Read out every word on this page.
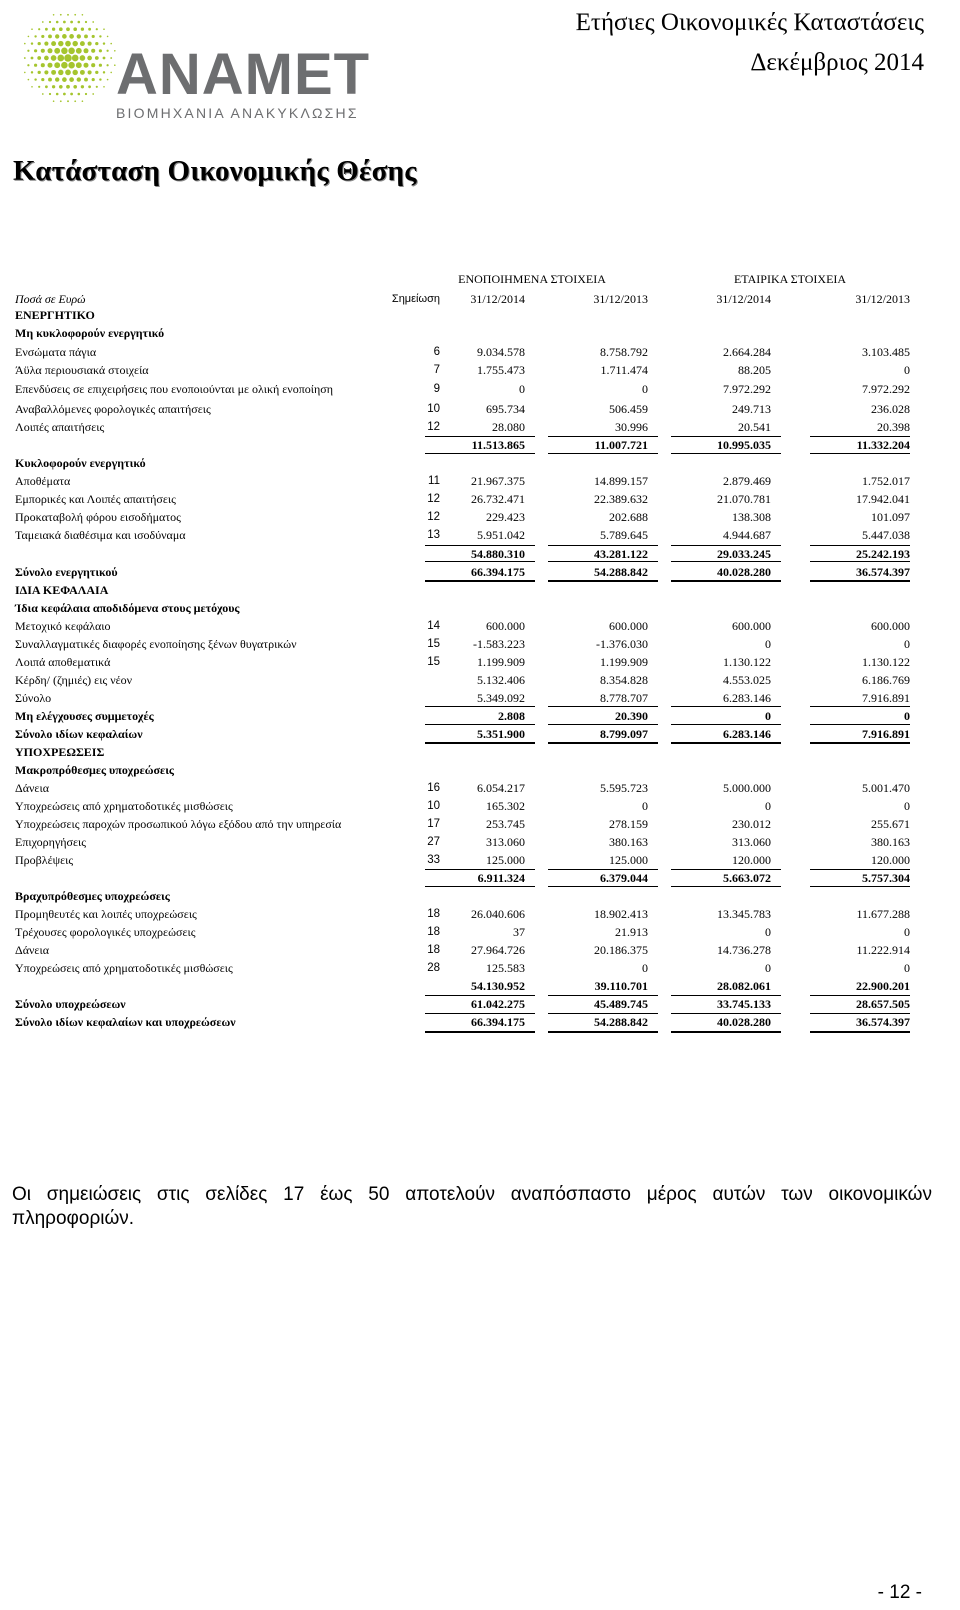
ANAMET
ΒΙΟΜΗΧΑΝΙΑ ΑΝΑΚΥΚΛΩΣΗΣ
Ετήσιες Οικονομικές Καταστάσεις
Δεκέμβριος 2014
Κατάσταση Οικονομικής Θέσης
ΕΝΟΠΟΙΗΜΕΝΑ ΣΤΟΙΧΕΙΑ	ΕΤΑΙΡΙΚΑ ΣΤΟΙΧΕΙΑ
Ποσά σε Ευρώ	Σημείωση	31/12/2014	31/12/2013	31/12/2014	31/12/2013
ΕΝΕΡΓΗΤΙΚΟ
Μη κυκλοφορούν ενεργητικό
Ενσώματα πάγια	6	9.034.578	8.758.792	2.664.284	3.103.485
Άϋλα περιουσιακά στοιχεία	7	1.755.473	1.711.474	88.205	0
Επενδύσεις σε επιχειρήσεις που ενοποιούνται με ολική ενοποίηση	9	0	0	7.972.292	7.972.292
Αναβαλλόμενες φορολογικές απαιτήσεις	10	695.734	506.459	249.713	236.028
Λοιπές απαιτήσεις	12	28.080	30.996	20.541	20.398
11.513.865	11.007.721	10.995.035	11.332.204
Κυκλοφορούν ενεργητικό
Αποθέματα	11	21.967.375	14.899.157	2.879.469	1.752.017
Εμπορικές και Λοιπές απαιτήσεις	12	26.732.471	22.389.632	21.070.781	17.942.041
Προκαταβολή φόρου εισοδήματος	12	229.423	202.688	138.308	101.097
Ταμειακά διαθέσιμα και ισοδύναμα	13	5.951.042	5.789.645	4.944.687	5.447.038
54.880.310	43.281.122	29.033.245	25.242.193
Σύνολο ενεργητικού	66.394.175	54.288.842	40.028.280	36.574.397
ΙΔΙΑ ΚΕΦΑΛΑΙΑ
Ίδια κεφάλαια αποδιδόμενα στους μετόχους
Μετοχικό κεφάλαιο	14	600.000	600.000	600.000	600.000
Συναλλαγματικές διαφορές ενοποίησης ξένων θυγατρικών	15	-1.583.223	-1.376.030	0	0
Λοιπά αποθεματικά	15	1.199.909	1.199.909	1.130.122	1.130.122
Κέρδη/ (ζημιές) εις νέον	5.132.406	8.354.828	4.553.025	6.186.769
Σύνολο	5.349.092	8.778.707	6.283.146	7.916.891
Μη ελέγχουσες συμμετοχές	2.808	20.390	0	0
Σύνολο ιδίων κεφαλαίων	5.351.900	8.799.097	6.283.146	7.916.891
ΥΠΟΧΡΕΩΣΕΙΣ
Μακροπρόθεσμες υποχρεώσεις
Δάνεια	16	6.054.217	5.595.723	5.000.000	5.001.470
Υποχρεώσεις από χρηματοδοτικές μισθώσεις	10	165.302	0	0	0
Υποχρεώσεις παροχών προσωπικού λόγω εξόδου από την υπηρεσία	17	253.745	278.159	230.012	255.671
Επιχορηγήσεις	27	313.060	380.163	313.060	380.163
Προβλέψεις	33	125.000	125.000	120.000	120.000
6.911.324	6.379.044	5.663.072	5.757.304
Βραχυπρόθεσμες υποχρεώσεις
Προμηθευτές και λοιπές υποχρεώσεις	18	26.040.606	18.902.413	13.345.783	11.677.288
Τρέχουσες φορολογικές υποχρεώσεις	18	37	21.913	0	0
Δάνεια	18	27.964.726	20.186.375	14.736.278	11.222.914
Υποχρεώσεις από χρηματοδοτικές μισθώσεις	28	125.583	0	0	0
54.130.952	39.110.701	28.082.061	22.900.201
Σύνολο υποχρεώσεων	61.042.275	45.489.745	33.745.133	28.657.505
Σύνολο ιδίων κεφαλαίων και υποχρεώσεων	66.394.175	54.288.842	40.028.280	36.574.397
Οι σημειώσεις στις σελίδες 17 έως 50 αποτελούν αναπόσπαστο μέρος αυτών των οικονομικών πληροφοριών.
- 12 -
